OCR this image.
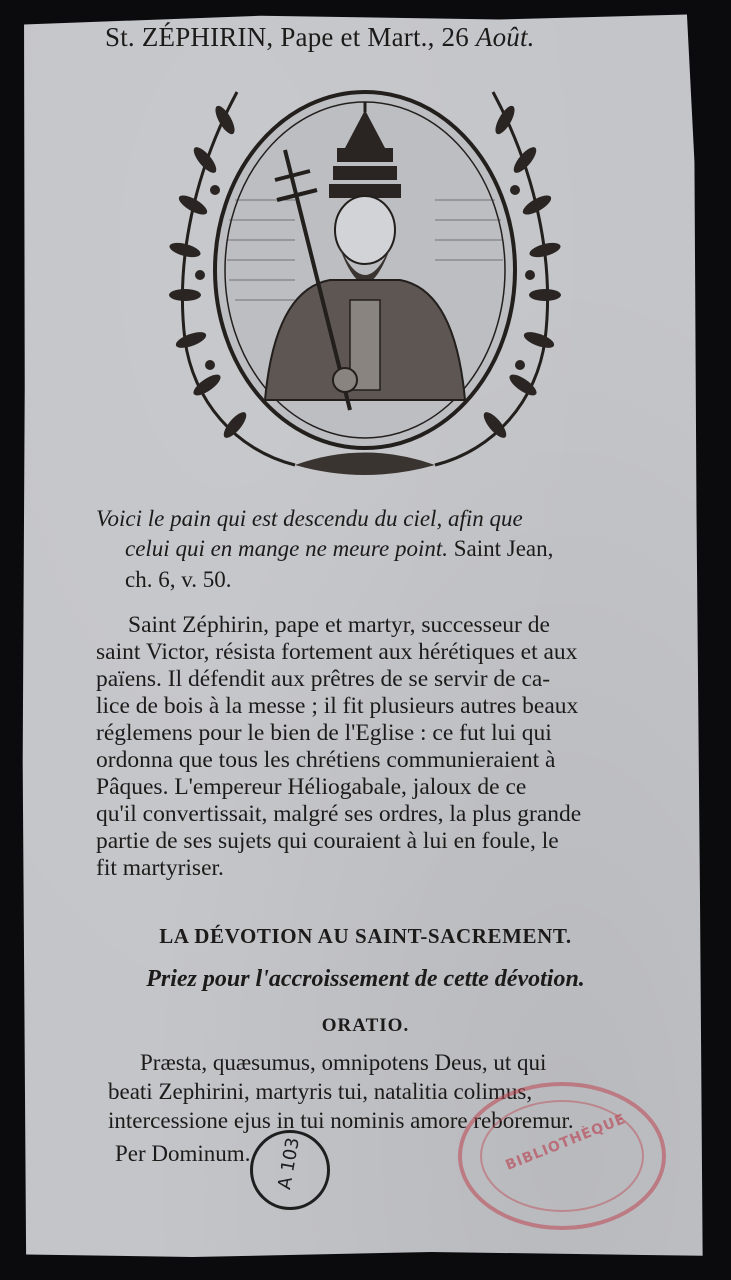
St. ZÉPHIRIN, Pape et Mart., 26 Août.
Voici le pain qui est descendu du ciel, afin que
celui qui en mange ne meure point. Saint Jean,
ch. 6, v. 50.
Saint Zéphirin, pape et martyr, successeur de
saint Victor, résista fortement aux hérétiques et aux
païens. Il défendit aux prêtres de se servir de ca-
lice de bois à la messe ; il fit plusieurs autres beaux
réglemens pour le bien de l'Eglise : ce fut lui qui
ordonna que tous les chrétiens communieraient à
Pâques. L'empereur Héliogabale, jaloux de ce
qu'il convertissait, malgré ses ordres, la plus grande
partie de ses sujets qui couraient à lui en foule, le
fit martyriser.
LA DÉVOTION AU SAINT-SACREMENT.
Priez pour l'accroissement de cette dévotion.
ORATIO.
Præsta, quæsumus, omnipotens Deus, ut qui
beati Zephirini, martyris tui, natalitia colimus,
intercessione ejus in tui nominis amore reboremur.
Per Dominum.	BIBLIOTHÈQUE
A 103
